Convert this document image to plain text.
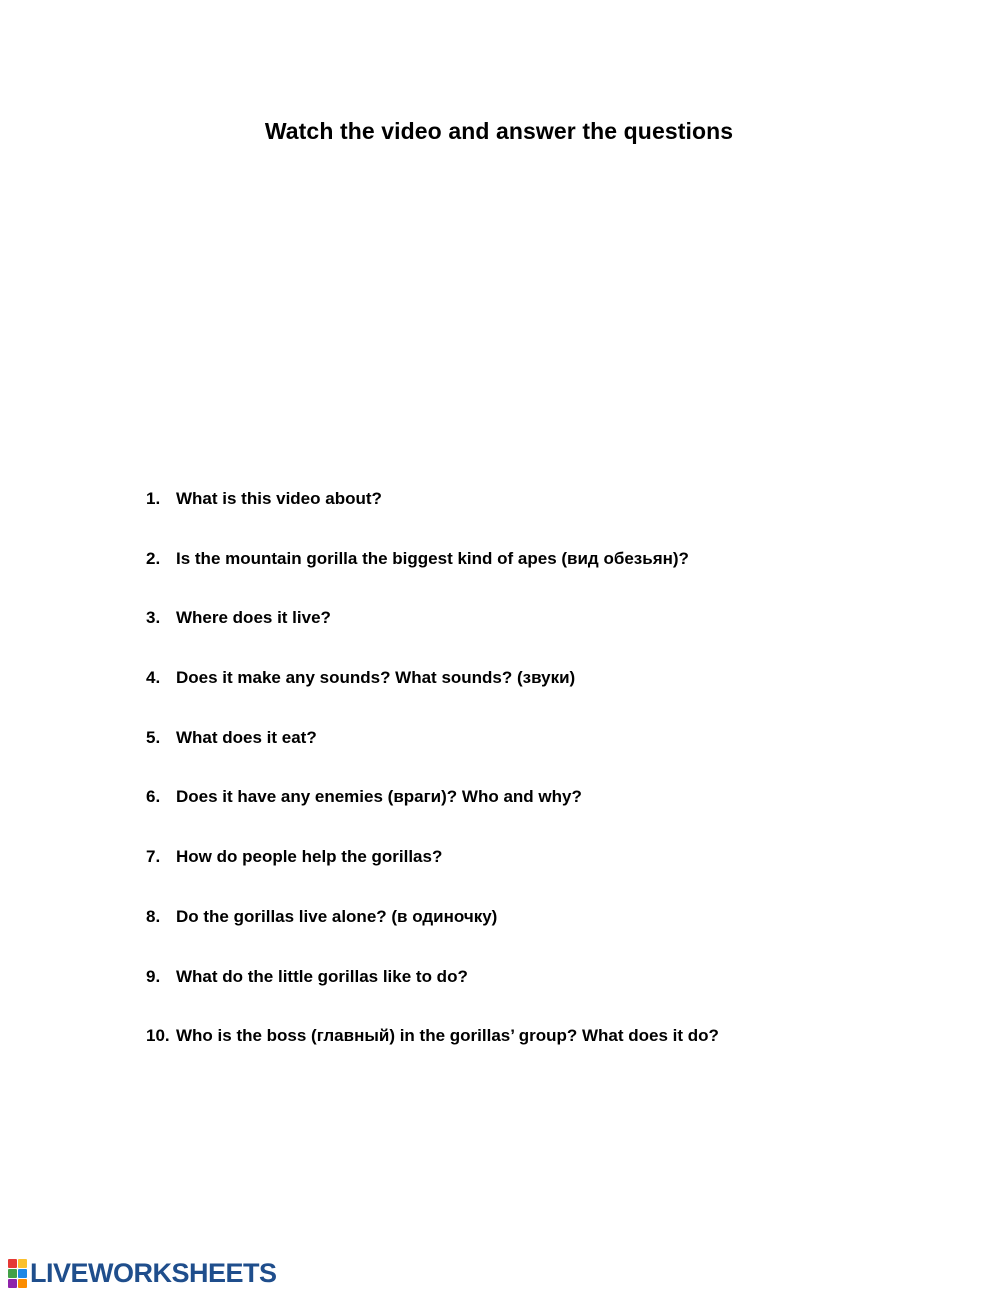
Watch the video and answer the questions
1. What is this video about?
2. Is the mountain gorilla the biggest kind of apes (вид обезьян)?
3. Where does it live?
4. Does it make any sounds? What sounds? (звуки)
5. What does it eat?
6. Does it have any enemies (враги)? Who and why?
7. How do people help the gorillas?
8. Do the gorillas live alone? (в одиночку)
9. What do the little gorillas like to do?
10. Who is the boss (главный) in the gorillas’ group? What does it do?
LIVEWORKSHEETS
